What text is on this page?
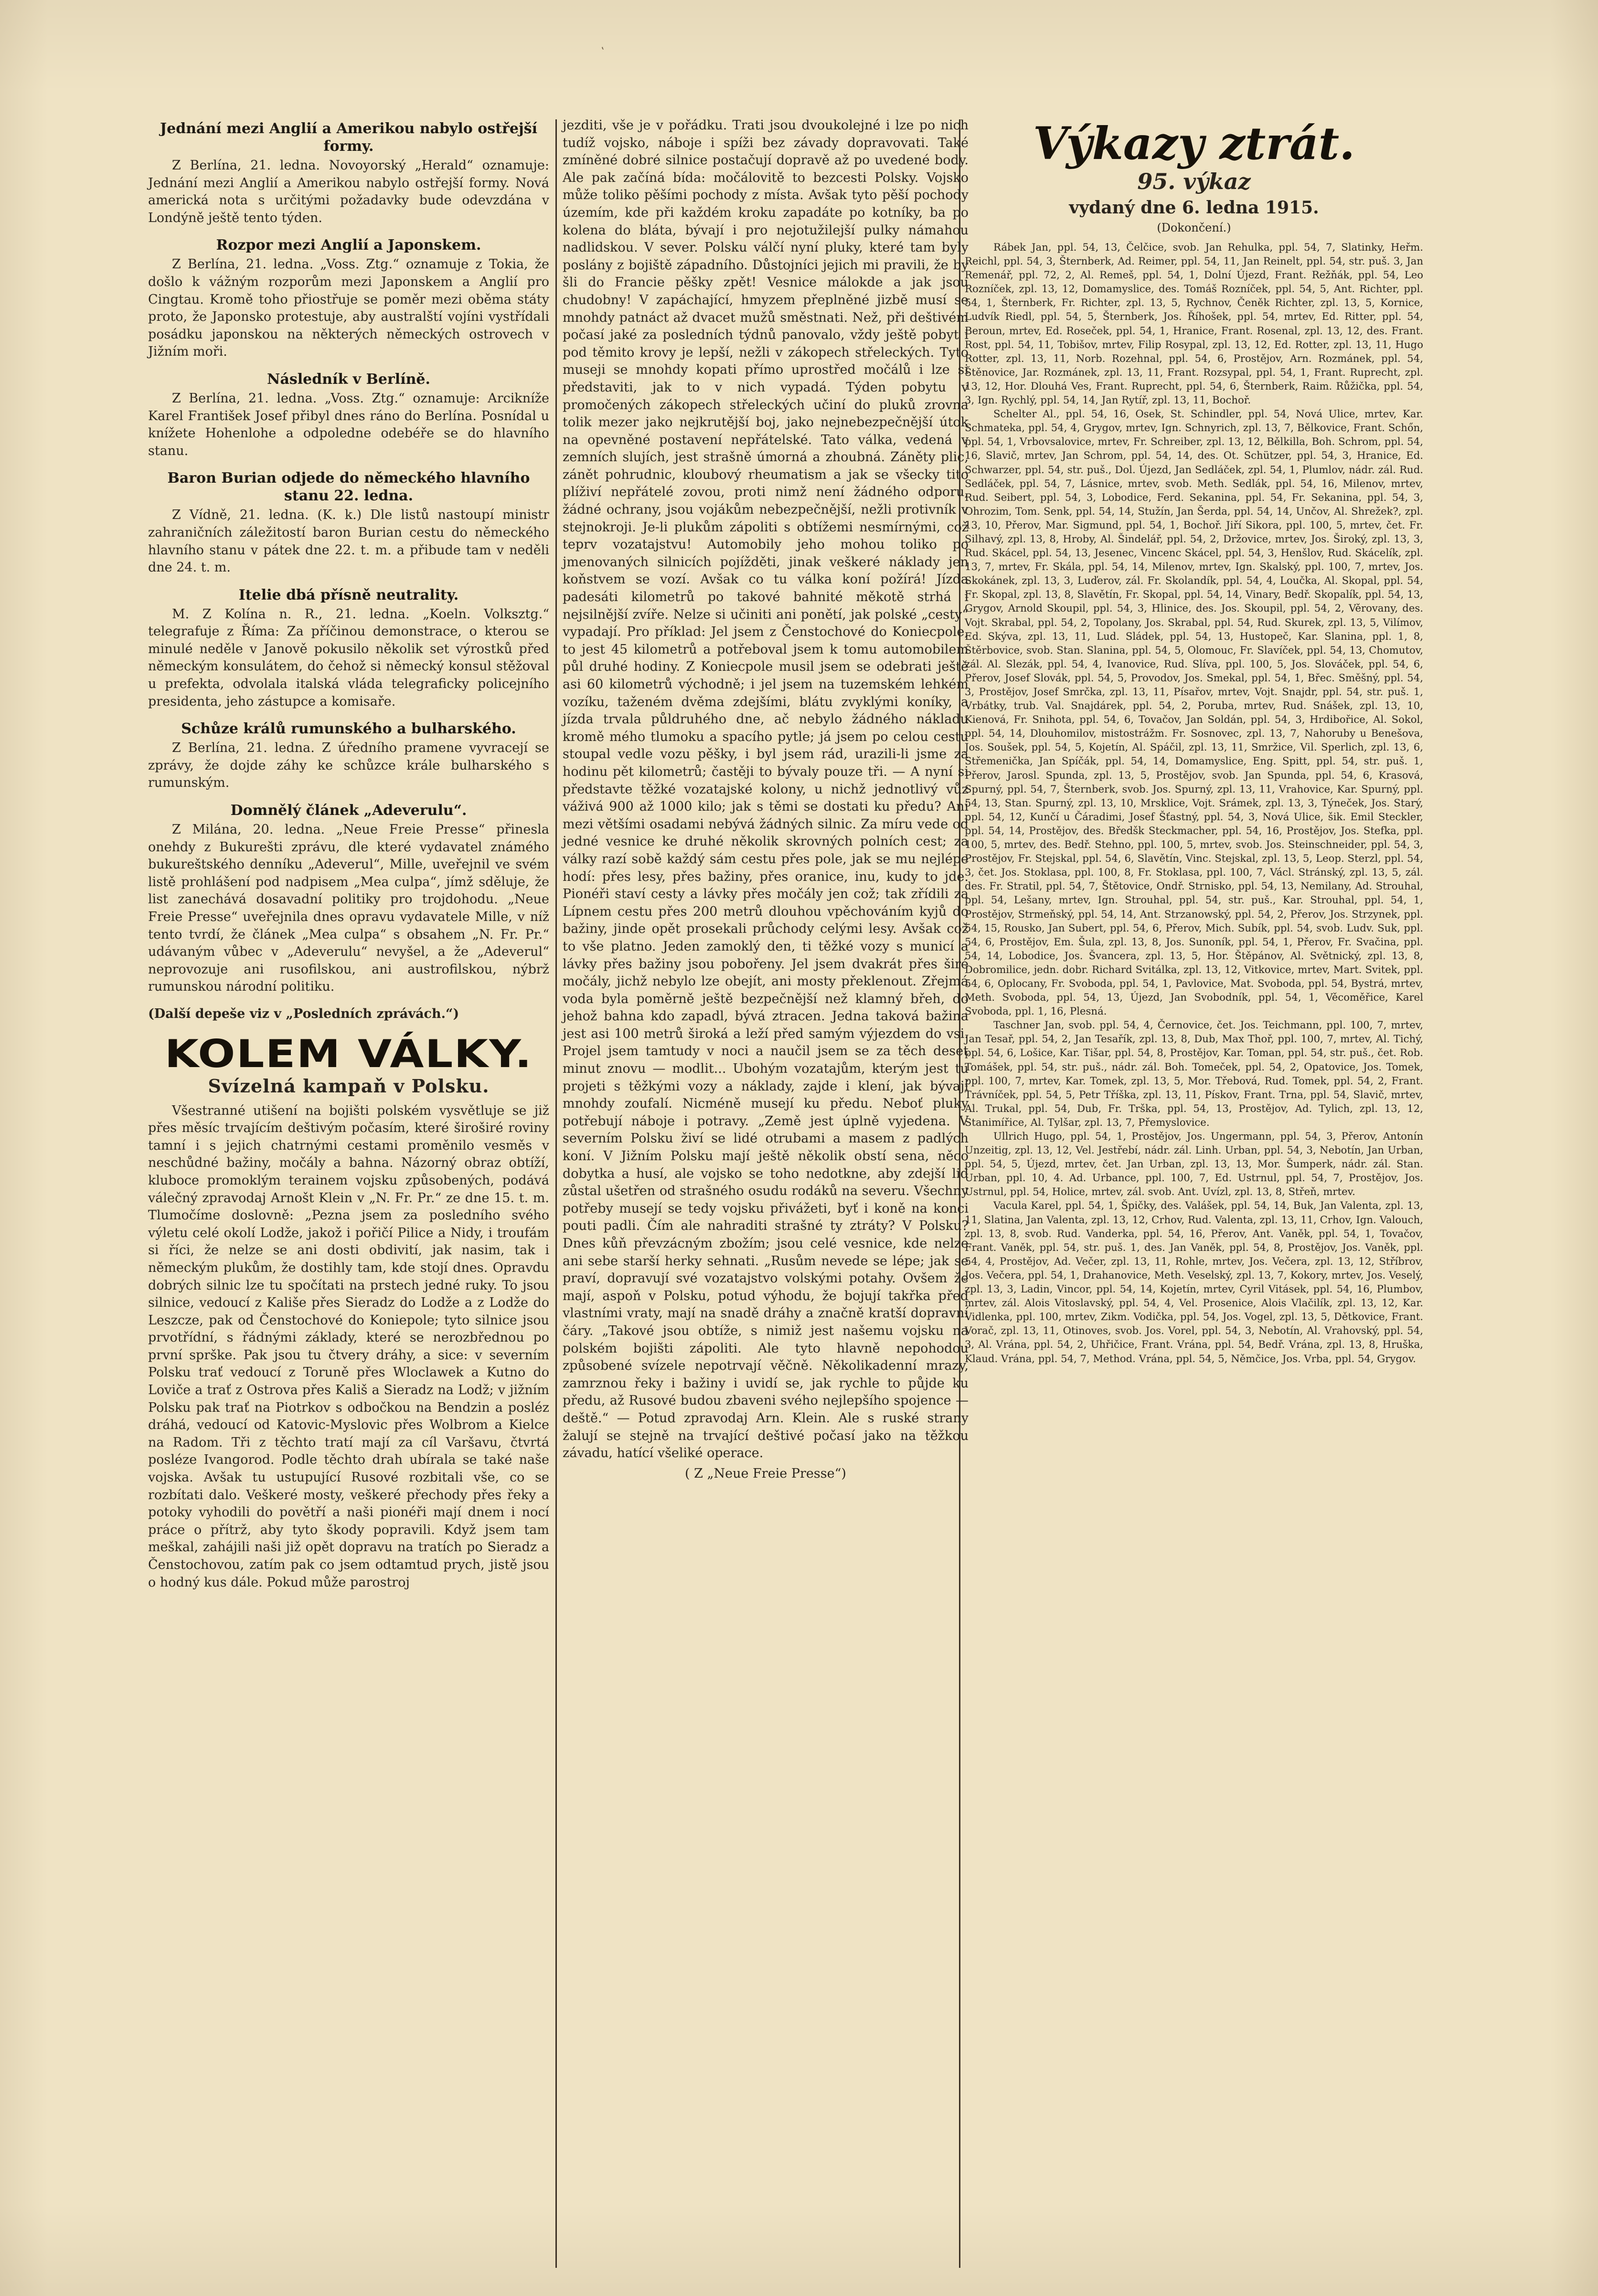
ʽ
Jednání mezi Anglií a Amerikou nabylo ostřejší formy.

Z Berlína, 21. ledna. Novoyorský „Herald“ oznamuje: Jednání mezi Anglií a Amerikou nabylo ostřejší formy. Nová americká nota s určitými požadavky bude odevzdána v Londýně ještě tento týden.

Rozpor mezi Anglií a Japonskem.

Z Berlína, 21. ledna. „Voss. Ztg.“ oznamuje z Tokia, že došlo k vážným rozporům mezi Japonskem a Anglií pro Cingtau. Kromě toho přiostřuje se poměr mezi oběma státy proto, že Japonsko protestuje, aby australští vojíni vystřídali posádku japonskou na některých německých ostrovech v Jižním moři.

Následník v Berlíně.

Z Berlína, 21. ledna. „Voss. Ztg.“ oznamuje: Arcikníže Karel František Josef přibyl dnes ráno do Berlína. Posnídal u knížete Hohenlohe a odpoledne odebéře se do hlavního stanu.

Baron Burian odjede do německého hlavního stanu 22. ledna.

Z Vídně, 21. ledna. (K. k.) Dle listů nastoupí ministr zahraničních záležitostí baron Burian cestu do německého hlavního stanu v pátek dne 22. t. m. a přibude tam v neděli dne 24. t. m.

Itelie dbá přísně neutrality.

M. Z Kolína n. R., 21. ledna. „Koeln. Volksztg.“ telegrafuje z Říma: Za příčinou demonstrace, o kterou se minulé neděle v Janově pokusilo několik set výrostků před německým konsulátem, do čehož si německý konsul stěžoval u prefekta, odvolala italská vláda telegraficky policejního presidenta, jeho zástupce a komisaře.

Schůze králů rumunského a bulharského.

Z Berlína, 21. ledna. Z úředního pramene vyvracejí se zprávy, že dojde záhy ke schůzce krále bulharského s rumunským.

Domnělý článek „Adeverulu“.

Z Milána, 20. ledna. „Neue Freie Presse“ přinesla onehdy z Bukurešti zprávu, dle které vydavatel známého bukureštského denníku „Adeverul“, Mille, uveřejnil ve svém listě prohlášení pod nadpisem „Mea culpa“, jímž sděluje, že list zanechává dosavadní politiky pro trojdohodu. „Neue Freie Presse“ uveřejnila dnes opravu vydavatele Mille, v níž tento tvrdí, že článek „Mea culpa“ s obsahem „N. Fr. Pr.“ udávaným vůbec v „Adeverulu“ nevyšel, a že „Adeverul“ neprovozuje ani rusofilskou, ani austrofilskou, nýbrž rumunskou národní politiku.

(Další depeše viz v „Posledních zprávách.“)

KOLEM VÁLKY.
Svízelná kampaň v Polsku.

Všestranné utišení na bojišti polském vysvětluje se již přes měsíc trvajícím deštivým počasím, které široširé roviny tamní i s jejich chatrnými cestami proměnilo vesměs v neschůdné bažiny, močály a bahna. Názorný obraz obtíží, kluboce promoklým terainem vojsku způsobených, podává válečný zpravodaj Arnošt Klein v „N. Fr. Pr.“ ze dne 15. t. m. Tlumočíme doslovně: „Pezna jsem za posledního svého výletu celé okolí Lodže, jakož i pořičí Pilice a Nidy, i troufám si říci, že nelze se ani dosti obdivití, jak nasim, tak i německým plukům, že dostihly tam, kde stojí dnes. Opravdu dobrých silnic lze tu spočítati na prstech jedné ruky. To jsou silnice, vedoucí z Kališe přes Sieradz do Lodže a z Lodže do Leszcze, pak od Čenstochové do Koniepole; tyto silnice jsou prvotřídní, s řádnými základy, které se nerozbřednou po první sprške. Pak jsou tu čtvery dráhy, a sice: v severním Polsku trať vedoucí z Toruně přes Wloclawek a Kutno do Loviče a trať z Ostrova přes Kališ a Sieradz na Lodž; v jižním Polsku pak trať na Piotrkov s odbočkou na Bendzin a posléz dráhá, vedoucí od Katovic-Myslovic přes Wolbrom a Kielce na Radom. Tři z těchto tratí mají za cíl Varšavu, čtvrtá posléze Ivangorod. Podle těchto drah ubírala se také naše vojska. Avšak tu ustupující Rusové rozbitali vše, co se rozbítati dalo. Veškeré mosty, veškeré přechody přes řeky a potoky vyhodili do povětří a naši pionéři mají dnem i nocí práce o přítrž, aby tyto škody popravili. Když jsem tam meškal, zahájili naši již opět dopravu na tratích po Sieradz a Čenstochovou, zatím pak co jsem odtamtud prych, jistě jsou o hodný kus dále. Pokud může parostroj

jezditi, vše je v pořádku. Trati jsou dvoukolejné i lze po nich tudíž vojsko, náboje i spíži bez závady dopravovati. Také zmíněné dobré silnice postačují dopravě až po uvedené body. Ale pak začíná bída: močálovitě to bezcesti Polsky. Vojsko může toliko pěšími pochody z místa. Avšak tyto pěší pochody územím, kde při každém kroku zapadáte po kotníky, ba po kolena do bláta, bývají i pro nejotužilejší pulky námahou nadlidskou. V sever. Polsku válčí nyní pluky, které tam byly poslány z bojiště západního. Důstojníci jejich mi pravili, že by šli do Francie pěšky zpět! Vesnice málokde a jak jsou chudobny! V zapáchající, hmyzem přeplněné jizbě musí se mnohdy patnáct až dvacet mužů směstnati. Než, při deštivém počasí jaké za posledních týdnů panovalo, vždy ještě pobyt i pod těmito krovy je lepší, nežli v zákopech střeleckých. Tyto museji se mnohdy kopati přímo uprostřed močálů i lze si představiti, jak to v nich vypadá. Týden pobytu v promočených zákopech střeleckých učiní do pluků zrovna tolik mezer jako nejkrutější boj, jako nejnebezpečnější útok na opevněné postavení nepřátelské. Tato válka, vedená v zemních slujích, jest strašně úmorná a zhoubná. Záněty plic, zánět pohrudnic, kloubový rheumatism a jak se všecky tito plíživí nepřátelé zovou, proti nimž není žádného odporu, žádné ochrany, jsou vojákům nebezpečnější, nežli protivník v stejnokroji. Je-li plukům zápoliti s obtížemi nesmírnými, což teprv vozatajstvu! Automobily jeho mohou toliko po jmenovaných silnicích pojížděti, jinak veškeré náklady jen koňstvem se vozí. Avšak co tu válka koní požírá! Jízda padesáti kilometrů po takové bahnité měkotě strhá i nejsilnější zvíře. Nelze si učiniti ani ponětí, jak polské „cesty“ vypadají. Pro příklad: Jel jsem z Čenstochové do Koniecpole, to jest 45 kilometrů a potřeboval jsem k tomu automobilem půl druhé hodiny. Z Koniecpole musil jsem se odebrati ještě asi 60 kilometrů východně; i jel jsem na tuzemském lehkém vozíku, taženém dvěma zdejšími, blátu zvyklými koníky, a jízda trvala půldruhého dne, ač nebylo žádného nákladu kromě mého tlumoku a spacího pytle; já jsem po celou cestu stoupal vedle vozu pěšky, i byl jsem rád, urazili-li jsme za hodinu pět kilometrů; častěji to bývaly pouze tři. — A nyní si představte těžké vozatajské kolony, u nichž jednotlivý vůz váživá 900 až 1000 kilo; jak s těmi se dostati ku předu? Ani mezi většími osadami nebývá žádných silnic. Za míru vede od jedné vesnice ke druhé několik skrovných polních cest; za války razí sobě každý sám cestu přes pole, jak se mu nejlépe hodí: přes lesy, přes bažiny, přes oranice, inu, kudy to jde. Pionéři staví cesty a lávky přes močály jen což; tak zřídili za Lípnem cestu přes 200 metrů dlouhou vpěchováním kyjů do bažiny, jinde opět prosekali průchody celými lesy. Avšak což to vše platno. Jeden zamoklý den, ti těžké vozy s municí a lávky přes bažiny jsou pobořeny. Jel jsem dvakrát přes širé močály, jichž nebylo lze obejít, ani mosty překlenout. Zřejmá voda byla poměrně ještě bezpečnější než klamný břeh, do jehož bahna kdo zapadl, bývá ztracen. Jedna taková bažina jest asi 100 metrů široká a leží před samým výjezdem do vsi. Projel jsem tamtudy v noci a naučil jsem se za těch deset minut znovu — modlit... Ubohým vozatajům, kterým jest tu projeti s těžkými vozy a náklady, zajde i klení, jak bývají mnohdy zoufalí. Nicméně musejí ku předu. Neboť pluky potřebují náboje i potravy. „Země jest úplně vyjedena. V severním Polsku živí se lidé otrubami a masem z padlých koní. V Jižním Polsku mají ještě několik obstí sena, něco dobytka a husí, ale vojsko se toho nedotkne, aby zdejší lid zůstal ušetřen od strašného osudu rodáků na severu. Všechny potřeby musejí se tedy vojsku přivážeti, byť i koně na konci pouti padli. Čím ale nahraditi strašné ty ztráty? V Polsku? Dnes kůň převzácným zbožím; jsou celé vesnice, kde nelze ani sebe starší herky sehnati. „Rusům nevede se lépe; jak se praví, dopravují své vozatajstvo volskými potahy. Ovšem že mají, aspoň v Polsku, potud výhodu, že bojují takřka před vlastními vraty, mají na snadě dráhy a značně kratší dopravní čáry. „Takové jsou obtíže, s nimiž jest našemu vojsku na polském bojišti zápoliti. Ale tyto hlavně nepohodou způsobené svízele nepotrvají věčně. Několikadenní mrazy, zamrznou řeky i bažiny i uvidí se, jak rychle to půjde ku předu, až Rusové budou zbaveni svého nejlepšího spojence — deště.“ — Potud zpravodaj Arn. Klein. Ale s ruské strany žalují se stejně na trvající deštivé počasí jako na těžkou závadu, hatící všeliké operace.

( Z „Neue Freie Presse“)

Výkazy ztrát.
95. výkaz
vydaný dne 6. ledna 1915.
(Dokončení.)

Rábek Jan, ppl. 54, 13, Čelčice, svob. Jan Rehulka, ppl. 54, 7, Slatinky, Heřm. Reichl, ppl. 54, 3, Šternberk, Ad. Reimer, ppl. 54, 11, Jan Reinelt, ppl. 54, str. puš. 3, Jan Remenář, ppl. 72, 2, Al. Remeš, ppl. 54, 1, Dolní Újezd, Frant. Režňák, ppl. 54, Leo Rozníček, zpl. 13, 12, Domamyslice, des. Tomáš Rozníček, ppl. 54, 5, Ant. Richter, ppl. 54, 1, Šternberk, Fr. Richter, zpl. 13, 5, Rychnov, Čeněk Richter, zpl. 13, 5, Kornice, Ludvík Riedl, ppl. 54, 5, Šternberk, Jos. Říhošek, ppl. 54, mrtev, Ed. Ritter, ppl. 54, Beroun, mrtev, Ed. Roseček, ppl. 54, 1, Hranice, Frant. Rosenal, zpl. 13, 12, des. Frant. Rost, ppl. 54, 11, Tobišov, mrtev, Filip Rosypal, zpl. 13, 12, Ed. Rotter, zpl. 13, 11, Hugo Rotter, zpl. 13, 11, Norb. Rozehnal, ppl. 54, 6, Prostějov, Arn. Rozmánek, ppl. 54, Štěnovice, Jar. Rozmánek, zpl. 13, 11, Frant. Rozsypal, ppl. 54, 1, Frant. Ruprecht, zpl. 13, 12, Hor. Dlouhá Ves, Frant. Ruprecht, ppl. 54, 6, Šternberk, Raim. Růžička, ppl. 54, 3, Ign. Rychlý, ppl. 54, 14, Jan Rytíř, zpl. 13, 11, Bochoř.

Schelter Al., ppl. 54, 16, Osek, St. Schindler, ppl. 54, Nová Ulice, mrtev, Kar. Schmateka, ppl. 54, 4, Grygov, mrtev, Ign. Schnyrich, zpl. 13, 7, Bělkovice, Frant. Schőn, ppl. 54, 1, Vrbovsalovice, mrtev, Fr. Schreiber, zpl. 13, 12, Bělkilla, Boh. Schrom, ppl. 54, 16, Slavič, mrtev, Jan Schrom, ppl. 54, 14, des. Ot. Schützer, ppl. 54, 3, Hranice, Ed. Schwarzer, ppl. 54, str. puš., Dol. Újezd, Jan Sedláček, zpl. 54, 1, Plumlov, nádr. zál. Rud. Sedláček, ppl. 54, 7, Lásnice, mrtev, svob. Meth. Sedlák, ppl. 54, 16, Milenov, mrtev, Rud. Seibert, ppl. 54, 3, Lobodice, Ferd. Sekanina, ppl. 54, Fr. Sekanina, ppl. 54, 3, Ohrozim, Tom. Senk, ppl. 54, 14, Stužín, Jan Šerda, ppl. 54, 14, Unčov, Al. Shrežek?, zpl. 13, 10, Přerov, Mar. Sigmund, ppl. 54, 1, Bochoř. Jiří Sikora, ppl. 100, 5, mrtev, čet. Fr. Silhavý, zpl. 13, 8, Hroby, Al. Šindelář, ppl. 54, 2, Držovice, mrtev, Jos. Široký, zpl. 13, 3, Rud. Skácel, ppl. 54, 13, Jesenec, Vincenc Skácel, ppl. 54, 3, Henšlov, Rud. Skácelík, zpl. 13, 7, mrtev, Fr. Skála, ppl. 54, 14, Milenov, mrtev, Ign. Skalský, ppl. 100, 7, mrtev, Jos. Skokánek, zpl. 13, 3, Luďerov, zál. Fr. Skolandík, ppl. 54, 4, Loučka, Al. Skopal, ppl. 54, Fr. Skopal, zpl. 13, 8, Slavětín, Fr. Skopal, ppl. 54, 14, Vinary, Bedř. Skopalík, ppl. 54, 13, Grygov, Arnold Skoupil, ppl. 54, 3, Hlinice, des. Jos. Skoupil, ppl. 54, 2, Věrovany, des. Vojt. Skrabal, ppl. 54, 2, Topolany, Jos. Skrabal, ppl. 54, Rud. Skurek, zpl. 13, 5, Vilímov, Ed. Skýva, zpl. 13, 11, Lud. Sládek, ppl. 54, 13, Hustopeč, Kar. Slanina, ppl. 1, 8, Štěrbovice, svob. Stan. Slanina, ppl. 54, 5, Olomouc, Fr. Slavíček, ppl. 54, 13, Chomutov, zál. Al. Slezák, ppl. 54, 4, Ivanovice, Rud. Slíva, ppl. 100, 5, Jos. Slováček, ppl. 54, 6, Přerov, Josef Slovák, ppl. 54, 5, Provodov, Jos. Smekal, ppl. 54, 1, Břec. Směšný, ppl. 54, 3, Prostějov, Josef Smrčka, zpl. 13, 11, Písařov, mrtev, Vojt. Snajdr, ppl. 54, str. puš. 1, Vrbátky, trub. Val. Snajdárek, ppl. 54, 2, Poruba, mrtev, Rud. Snášek, zpl. 13, 10, Kienová, Fr. Snihota, ppl. 54, 6, Tovačov, Jan Soldán, ppl. 54, 3, Hrdibořice, Al. Sokol, ppl. 54, 14, Dlouhomilov, mistostrážm. Fr. Sosnovec, zpl. 13, 7, Nahoruby u Benešova, Jos. Soušek, ppl. 54, 5, Kojetín, Al. Spáčil, zpl. 13, 11, Smržice, Vil. Sperlich, zpl. 13, 6, Střemenička, Jan Spíčák, ppl. 54, 14, Domamyslice, Eng. Spitt, ppl. 54, str. puš. 1, Přerov, Jarosl. Spunda, zpl. 13, 5, Prostějov, svob. Jan Spunda, ppl. 54, 6, Krasová, Spurný, ppl. 54, 7, Šternberk, svob. Jos. Spurný, zpl. 13, 11, Vrahovice, Kar. Spurný, ppl. 54, 13, Stan. Spurný, zpl. 13, 10, Mrsklice, Vojt. Srámek, zpl. 13, 3, Týneček, Jos. Starý, ppl. 54, 12, Kunčí u Čáradimi, Josef Šťastný, ppl. 54, 3, Nová Ulice, šik. Emil Steckler, ppl. 54, 14, Prostějov, des. Bředšk Steckmacher, ppl. 54, 16, Prostějov, Jos. Stefka, ppl. 100, 5, mrtev, des. Bedř. Stehno, ppl. 100, 5, mrtev, svob. Jos. Steinschneider, ppl. 54, 3, Prostějov, Fr. Stejskal, ppl. 54, 6, Slavětín, Vinc. Stejskal, zpl. 13, 5, Leop. Sterzl, ppl. 54, 3, čet. Jos. Stoklasa, ppl. 100, 8, Fr. Stoklasa, ppl. 100, 7, Václ. Stránský, zpl. 13, 5, zál. des. Fr. Stratil, ppl. 54, 7, Štětovice, Ondř. Strnisko, ppl. 54, 13, Nemilany, Ad. Strouhal, ppl. 54, Lešany, mrtev, Ign. Strouhal, ppl. 54, str. puš., Kar. Strouhal, ppl. 54, 1, Prostějov, Strmeňský, ppl. 54, 14, Ant. Strzanowský, ppl. 54, 2, Přerov, Jos. Strzynek, ppl. 54, 15, Rousko, Jan Subert, ppl. 54, 6, Přerov, Mich. Subík, ppl. 54, svob. Ludv. Suk, ppl. 54, 6, Prostějov, Em. Šula, zpl. 13, 8, Jos. Sunoník, ppl. 54, 1, Přerov, Fr. Svačina, ppl. 54, 14, Lobodice, Jos. Švancera, zpl. 13, 5, Hor. Štěpánov, Al. Světnický, zpl. 13, 8, Dobromilice, jedn. dobr. Richard Svitálka, zpl. 13, 12, Vitkovice, mrtev, Mart. Svitek, ppl. 54, 6, Oplocany, Fr. Svoboda, ppl. 54, 1, Pavlovice, Mat. Svoboda, ppl. 54, Bystrá, mrtev, Meth. Svoboda, ppl. 54, 13, Újezd, Jan Svobodník, ppl. 54, 1, Věcoměřice, Karel Svoboda, ppl. 1, 16, Plesná.

Taschner Jan, svob. ppl. 54, 4, Černovice, čet. Jos. Teichmann, ppl. 100, 7, mrtev, Jan Tesař, ppl. 54, 2, Jan Tesařík, zpl. 13, 8, Dub, Max Thoř, ppl. 100, 7, mrtev, Al. Tichý, ppl. 54, 6, Lošice, Kar. Tišar, ppl. 54, 8, Prostějov, Kar. Toman, ppl. 54, str. puš., čet. Rob. Tomášek, ppl. 54, str. puš., nádr. zál. Boh. Tomeček, ppl. 54, 2, Opatovice, Jos. Tomek, ppl. 100, 7, mrtev, Kar. Tomek, zpl. 13, 5, Mor. Třebová, Rud. Tomek, ppl. 54, 2, Frant. Trávníček, ppl. 54, 5, Petr Tříška, zpl. 13, 11, Pískov, Frant. Trna, ppl. 54, Slavič, mrtev, Al. Trukal, ppl. 54, Dub, Fr. Trška, ppl. 54, 13, Prostějov, Ad. Tylich, zpl. 13, 12, Stanimířice, Al. Tylšar, zpl. 13, 7, Přemyslovice.

Ullrich Hugo, ppl. 54, 1, Prostějov, Jos. Ungermann, ppl. 54, 3, Přerov, Antonín Unzeitig, zpl. 13, 12, Vel. Jestřebí, nádr. zál. Linh. Urban, ppl. 54, 3, Nebotín, Jan Urban, ppl. 54, 5, Újezd, mrtev, čet. Jan Urban, zpl. 13, 13, Mor. Šumperk, nádr. zál. Stan. Urban, ppl. 10, 4. Ad. Urbance, ppl. 100, 7, Ed. Ustrnul, ppl. 54, 7, Prostějov, Jos. Ustrnul, ppl. 54, Holice, mrtev, zál. svob. Ant. Uvízl, zpl. 13, 8, Střeň, mrtev.

Vacula Karel, ppl. 54, 1, Špičky, des. Valášek, ppl. 54, 14, Buk, Jan Valenta, zpl. 13, 11, Slatina, Jan Valenta, zpl. 13, 12, Crhov, Rud. Valenta, zpl. 13, 11, Crhov, Ign. Valouch, zpl. 13, 8, svob. Rud. Vanderka, ppl. 54, 16, Přerov, Ant. Vaněk, ppl. 54, 1, Tovačov, Frant. Vaněk, ppl. 54, str. puš. 1, des. Jan Vaněk, ppl. 54, 8, Prostějov, Jos. Vaněk, ppl. 54, 4, Prostějov, Ad. Večer, zpl. 13, 11, Rohle, mrtev, Jos. Večera, zpl. 13, 12, Stříbrov, Jos. Večera, ppl. 54, 1, Drahanovice, Meth. Veselský, zpl. 13, 7, Kokory, mrtev, Jos. Veselý, zpl. 13, 3, Ladin, Vincor, ppl. 54, 14, Kojetín, mrtev, Cyril Vitásek, ppl. 54, 16, Plumbov, mrtev, zál. Alois Vitoslavský, ppl. 54, 4, Vel. Prosenice, Alois Vlačilík, zpl. 13, 12, Kar. Vidlenka, ppl. 100, mrtev, Zikm. Vodička, ppl. 54, Jos. Vogel, zpl. 13, 5, Dětkovice, Frant. Vorač, zpl. 13, 11, Otinoves, svob. Jos. Vorel, ppl. 54, 3, Nebotín, Al. Vrahovský, ppl. 54, 3, Al. Vrána, ppl. 54, 2, Uhřičice, Frant. Vrána, ppl. 54, Bedř. Vrána, zpl. 13, 8, Hruška, Klaud. Vrána, ppl. 54, 7, Method. Vrána, ppl. 54, 5, Němčice, Jos. Vrba, ppl. 54, Grygov.
